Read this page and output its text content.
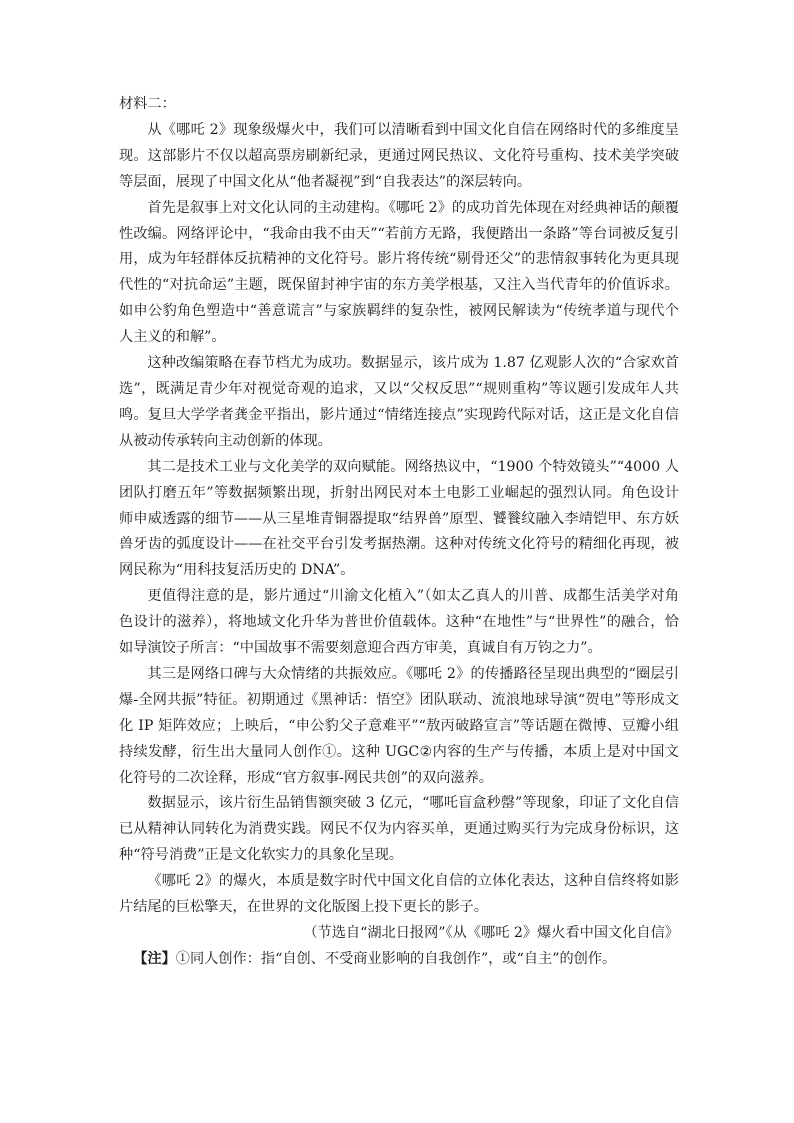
材料二：

从《哪吒 2》现象级爆火中，我们可以清晰看到中国文化自信在网络时代的多维度呈现。这部影片不仅以超高票房刷新纪录，更通过网民热议、文化符号重构、技术美学突破等层面，展现了中国文化从“他者凝视”到“自我表达”的深层转向。

首先是叙事上对文化认同的主动建构。《哪吒 2》的成功首先体现在对经典神话的颠覆性改编。网络评论中，“我命由我不由天”“若前方无路，我便踏出一条路”等台词被反复引用，成为年轻群体反抗精神的文化符号。影片将传统“剔骨还父”的悲情叙事转化为更具现代性的“对抗命运”主题，既保留封神宇宙的东方美学根基，又注入当代青年的价值诉求。如申公豹角色塑造中“善意谎言”与家族羁绊的复杂性，被网民解读为“传统孝道与现代个人主义的和解”。

这种改编策略在春节档尤为成功。数据显示，该片成为 1.87 亿观影人次的“合家欢首选”，既满足青少年对视觉奇观的追求，又以“父权反思”“规则重构”等议题引发成年人共鸣。复旦大学学者龚金平指出，影片通过“情绪连接点”实现跨代际对话，这正是文化自信从被动传承转向主动创新的体现。

其二是技术工业与文化美学的双向赋能。网络热议中，“1900 个特效镜头”“4000 人团队打磨五年”等数据频繁出现，折射出网民对本土电影工业崛起的强烈认同。角色设计师申威透露的细节——从三星堆青铜器提取“结界兽”原型、饕餮纹融入李靖铠甲、东方妖兽牙齿的弧度设计——在社交平台引发考据热潮。这种对传统文化符号的精细化再现，被网民称为“用科技复活历史的 DNA”。

更值得注意的是，影片通过“川渝文化植入”（如太乙真人的川普、成都生活美学对角色设计的滋养），将地域文化升华为普世价值载体。这种“在地性”与“世界性”的融合，恰如导演饺子所言：“中国故事不需要刻意迎合西方审美，真诚自有万钧之力”。

其三是网络口碑与大众情绪的共振效应。《哪吒 2》的传播路径呈现出典型的“圈层引爆-全网共振”特征。初期通过《黑神话：悟空》团队联动、流浪地球导演“贺电”等形成文化 IP 矩阵效应；上映后，“申公豹父子意难平”“敖丙破路宣言”等话题在微博、豆瓣小组持续发酵，衍生出大量同人创作①。这种 UGC②内容的生产与传播，本质上是对中国文化符号的二次诠释，形成“官方叙事-网民共创”的双向滋养。

数据显示，该片衍生品销售额突破 3 亿元，“哪吒盲盒秒罄”等现象，印证了文化自信已从精神认同转化为消费实践。网民不仅为内容买单，更通过购买行为完成身份标识，这种“符号消费”正是文化软实力的具象化呈现。

《哪吒 2》的爆火，本质是数字时代中国文化自信的立体化表达，这种自信终将如影片结尾的巨松擎天，在世界的文化版图上投下更长的影子。

（节选自“湖北日报网”《从《哪吒 2》爆火看中国文化自信》

【注】①同人创作：指“自创、不受商业影响的自我创作”，或“自主”的创作。
